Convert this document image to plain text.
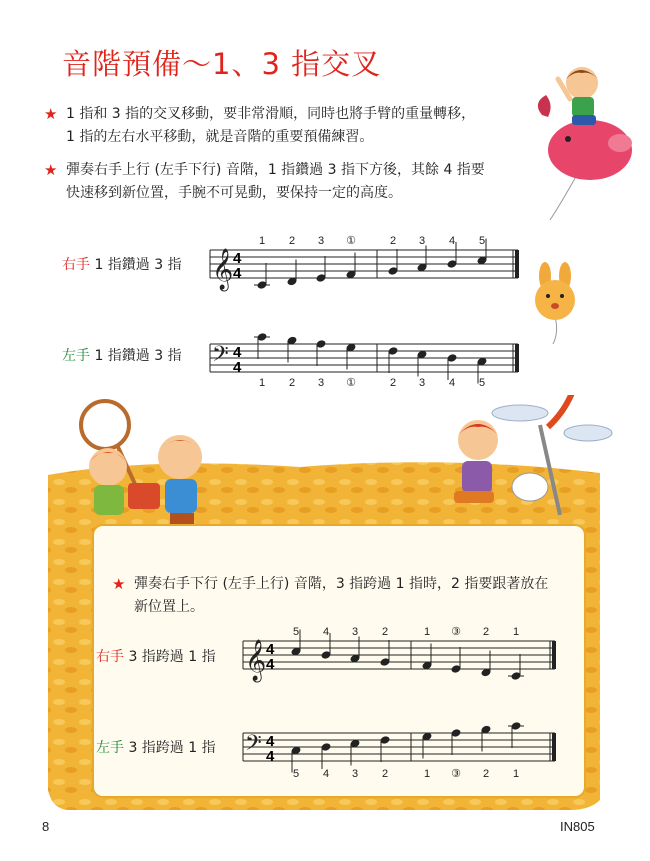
音階預備～1、3 指交叉
★ 1 指和 3 指的交叉移動，要非常滑順，同時也將手臂的重量轉移，
1 指的左右水平移動，就是音階的重要預備練習。
★ 彈奏右手上行 (左手下行) 音階，1 指鑽過 3 指下方後，其餘 4 指要
快速移到新位置，手腕不可晃動，要保持一定的高度。
右手 1 指鑽過 3 指
左手 1 指鑽過 3 指
𝄞 4
4
1 2 3 ①	2 3 4 5
𝄢 4
4
1 2 3 ①	2 3 4 5
★ 彈奏右手下行 (左手上行) 音階，3 指跨過 1 指時，2 指要跟著放在
新位置上。
右手 3 指跨過 1 指
左手 3 指跨過 1 指
𝄞 4
4
5 4 3 2	1 ③ 2 1
𝄢 4
4
5 4 3 2	1 ③ 2 1
8	IN805
